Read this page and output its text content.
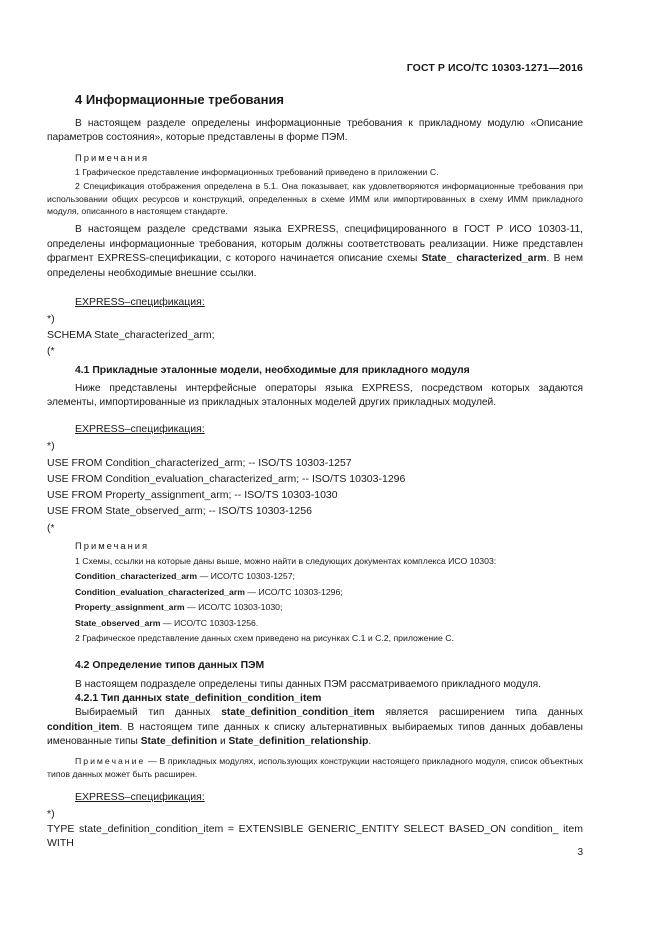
ГОСТ Р ИСО/ТС 10303-1271—2016
4 Информационные требования

В настоящем разделе определены информационные требования к прикладному модулю «Описание параметров состояния», которые представлены в форме ПЭМ.

Примечания

1 Графическое представление информационных требований приведено в приложении С.

2 Спецификация отображения определена в 5.1. Она показывает, как удовлетворяются информационные требования при использовании общих ресурсов и конструкций, определенных в схеме ИММ или импортированных в схему ИММ прикладного модуля, описанного в настоящем стандарте.

В настоящем разделе средствами языка EXPRESS, специфицированного в ГОСТ Р ИСО 10303-11, определены информационные требования, которым должны соответствовать реализации. Ниже представлен фрагмент EXPRESS-спецификации, с которого начинается описание схемы State_ characterized_arm. В нем определены необходимые внешние ссылки.

EXPRESS–спецификация:
*)
SCHEMA State_characterized_arm;
(*
4.1 Прикладные эталонные модели, необходимые для прикладного модуля

Ниже представлены интерфейсные операторы языка EXPRESS, посредством которых задаются элементы, импортированные из прикладных эталонных моделей других прикладных модулей.

EXPRESS–спецификация:
*)
USE FROM Condition_characterized_arm; -- ISO/TS 10303-1257
USE FROM Condition_evaluation_characterized_arm; -- ISO/TS 10303-1296
USE FROM Property_assignment_arm; -- ISO/TS 10303-1030
USE FROM State_observed_arm; -- ISO/TS 10303-1256
(*
Примечания
1 Схемы, ссылки на которые даны выше, можно найти в следующих документах комплекса ИСО 10303:
Condition_characterized_arm — ИСО/ТС 10303-1257;
Condition_evaluation_characterized_arm — ИСО/ТС 10303-1296;
Property_assignment_arm — ИСО/ТС 10303-1030;
State_observed_arm — ИСО/ТС 10303-1256.
2 Графическое представление данных схем приведено на рисунках С.1 и С.2, приложение С.
4.2 Определение типов данных ПЭМ

В настоящем подразделе определены типы данных ПЭМ рассматриваемого прикладного модуля.

4.2.1 Тип данных state_definition_condition_item

Выбираемый тип данных state_definition_condition_item является расширением типа данных condition_item. В настоящем типе данных к списку альтернативных выбираемых типов данных добавлены именованные типы State_definition и State_definition_relationship.

Примечание — В прикладных модулях, использующих конструкции настоящего прикладного модуля, список объектных типов данных может быть расширен.

EXPRESS–спецификация:
*)

TYPE state_definition_condition_item = EXTENSIBLE GENERIC_ENTITY SELECT BASED_ON condition_ item WITH

3
